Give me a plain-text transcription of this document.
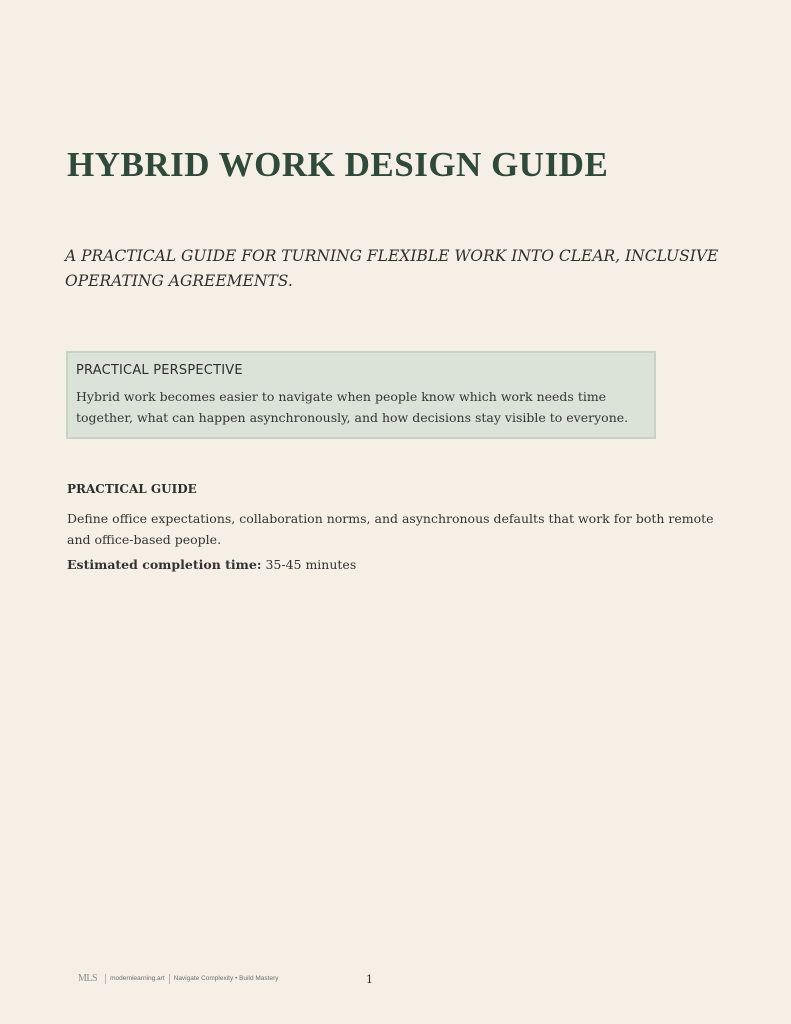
HYBRID WORK DESIGN GUIDE

A PRACTICAL GUIDE FOR TURNING FLEXIBLE WORK INTO CLEAR, INCLUSIVE OPERATING AGREEMENTS.

PRACTICAL PERSPECTIVE

Hybrid work becomes easier to navigate when people know which work needs time together, what can happen asynchronously, and how decisions stay visible to everyone.

PRACTICAL GUIDE

Define office expectations, collaboration norms, and asynchronous defaults that work for both remote and office-based people.

Estimated completion time: 35-45 minutes

MLS modernlearning.art Navigate Complexity • Build Mastery	1
